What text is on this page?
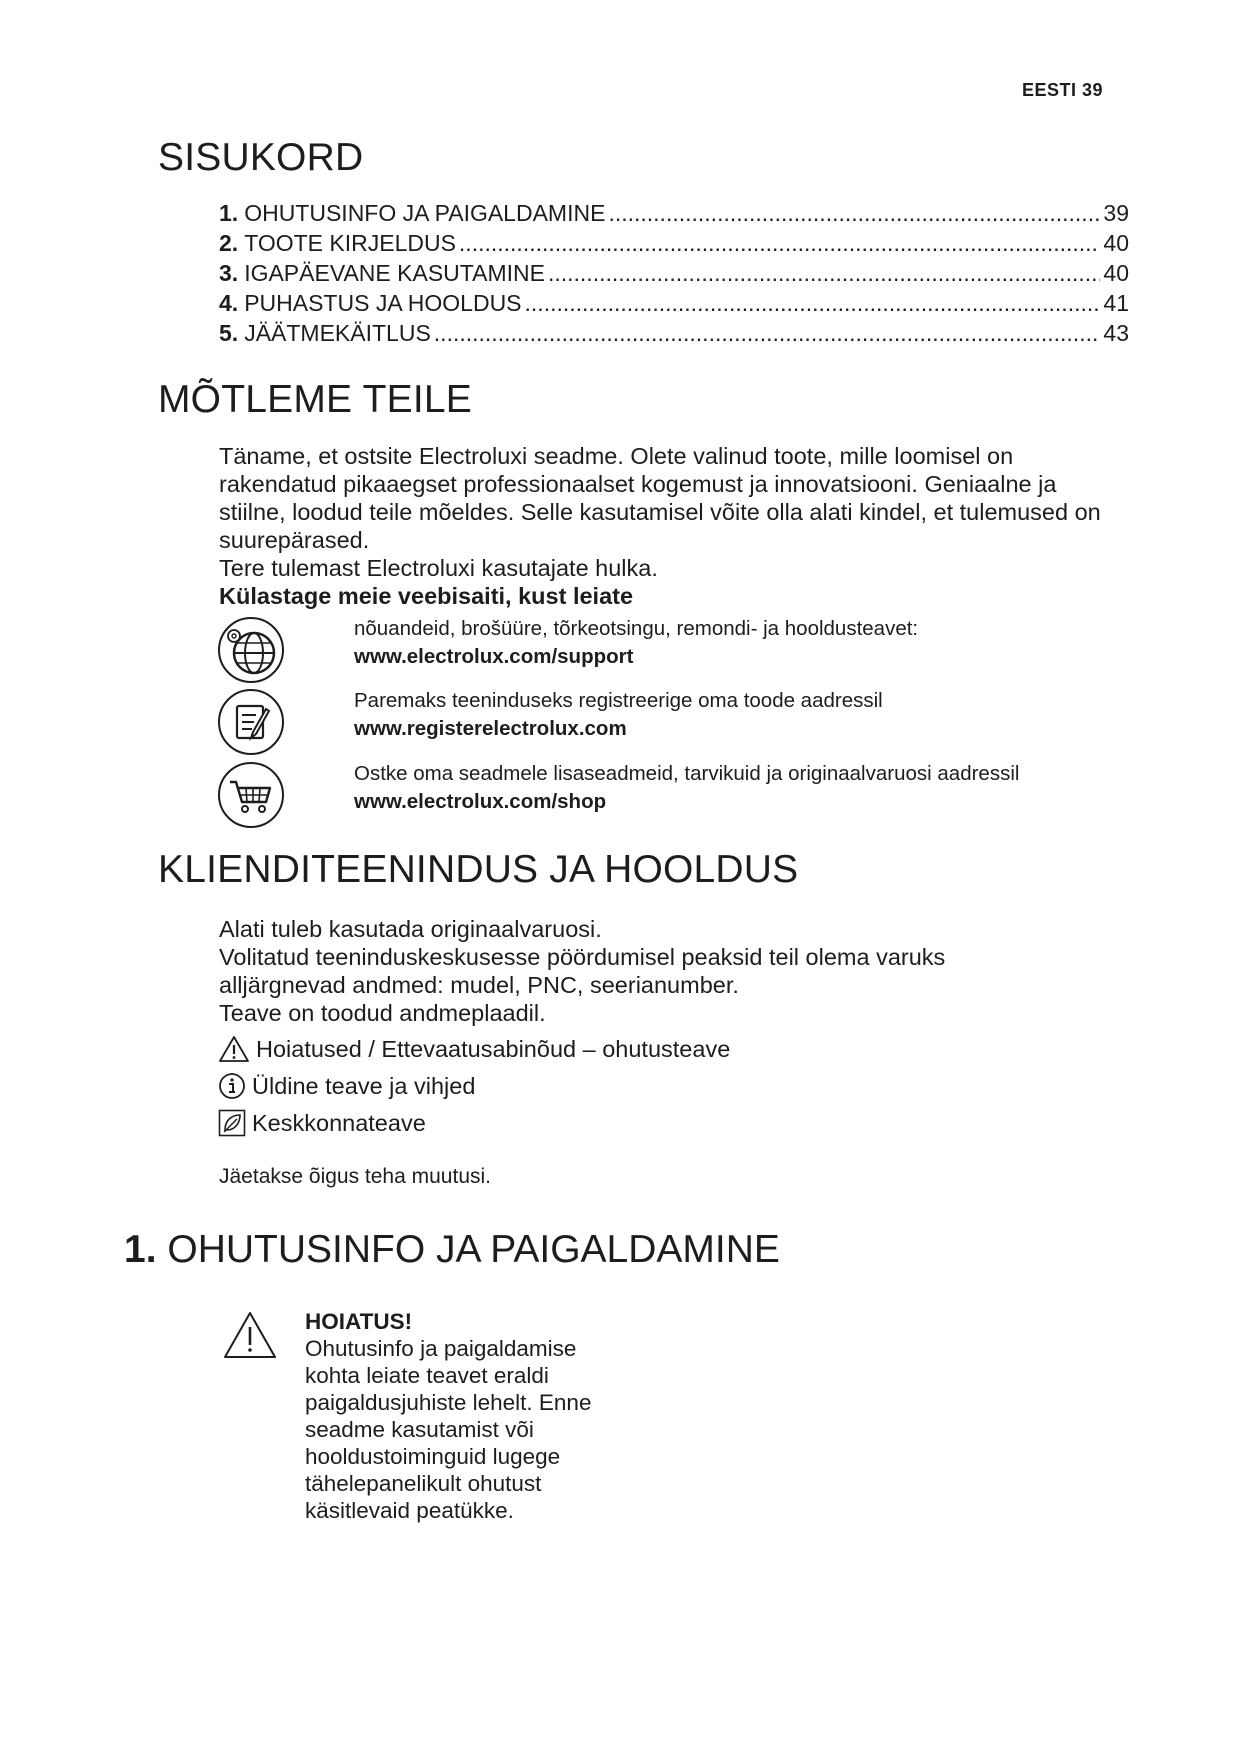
EESTI 39
SISUKORD
1. OHUTUSINFO JA PAIGALDAMINE .....	39
2. TOOTE KIRJELDUS .....	40
3. IGAPÄEVANE KASUTAMINE .....	40
4. PUHASTUS JA HOOLDUS .....	41
5. JÄÄTMEKÄITLUS .....	43
MÕTLEME TEILE

Täname, et ostsite Electroluxi seadme. Olete valinud toote, mille loomisel on rakendatud pikaaegset professionaalset kogemust ja innovatsiooni. Geniaalne ja stiilne, loodud teile mõeldes. Selle kasutamisel võite olla alati kindel, et tulemused on suurepärased.

Tere tulemast Electroluxi kasutajate hulka.

Külastage meie veebisaiti, kust leiate

nõuandeid, brošüüre, tõrkeotsingu, remondi- ja hooldusteavet:
www.electrolux.com/support
Paremaks teeninduseks registreerige oma toode aadressil
www.registerelectrolux.com
Ostke oma seadmele lisaseadmeid, tarvikuid ja originaalvaruosi aadressil
www.electrolux.com/shop
KLIENDITEENINDUS JA HOOLDUS

Alati tuleb kasutada originaalvaruosi.

Volitatud teeninduskeskusesse pöördumisel peaksid teil olema varuks alljärgnevad andmed: mudel, PNC, seerianumber.

Teave on toodud andmeplaadil.

Hoiatused / Ettevaatusabinõud – ohutusteave
Üldine teave ja vihjed
Keskkonnateave
Jäetakse õigus teha muutusi.
1. OHUTUSINFO JA PAIGALDAMINE

HOIATUS!

Ohutusinfo ja paigaldamise kohta leiate teavet eraldi paigaldusjuhiste lehelt. Enne seadme kasutamist või hooldustoiminguid lugege tähelepanelikult ohutust käsitlevaid peatükke.
